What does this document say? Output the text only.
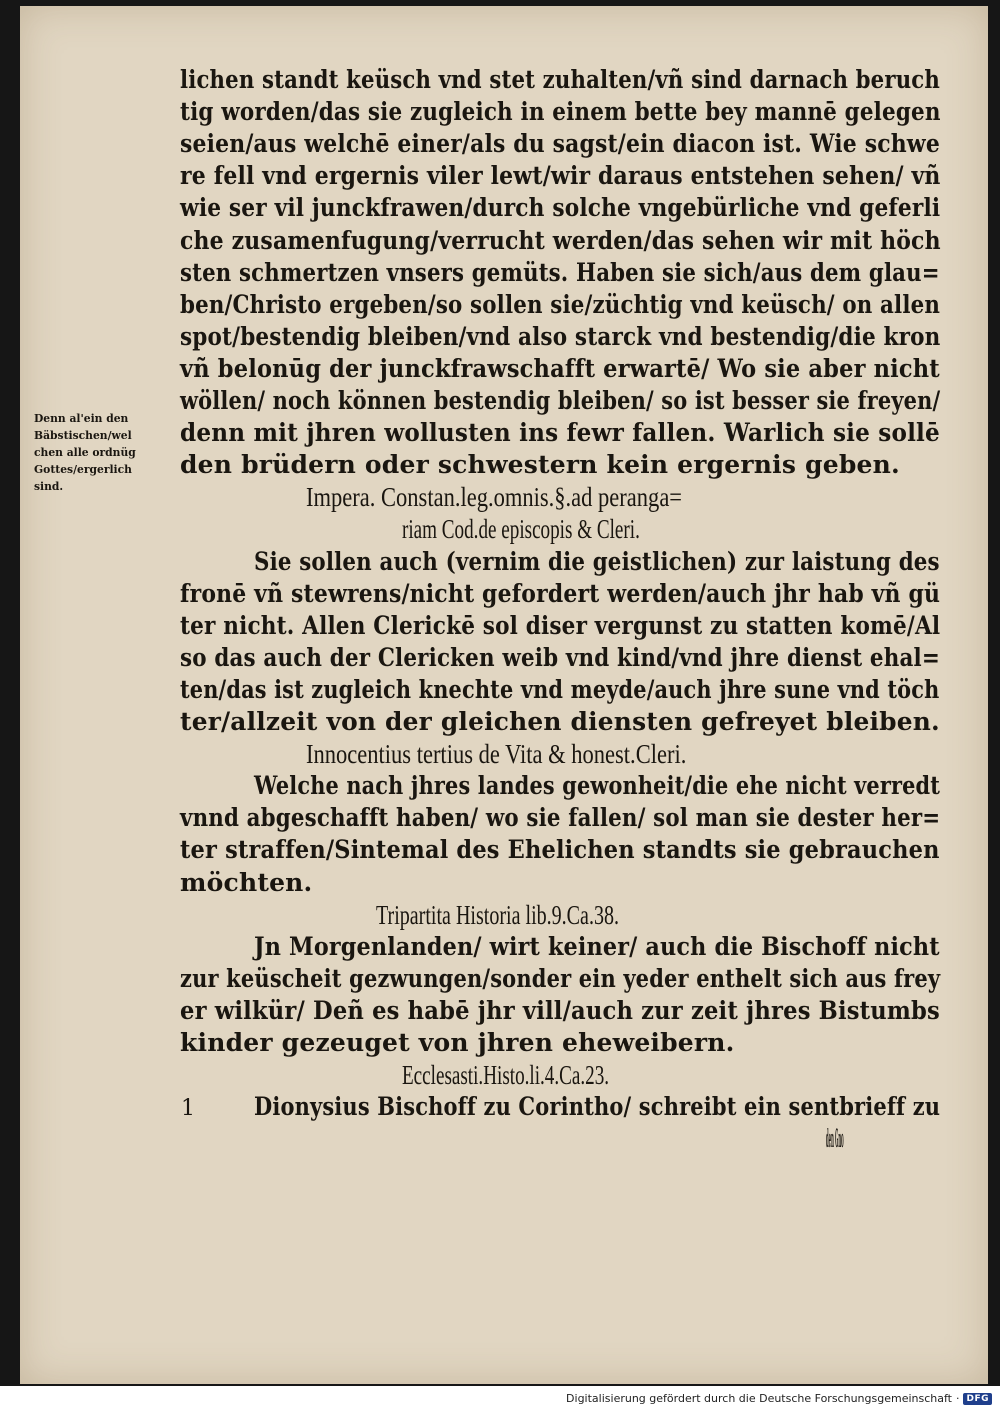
lichen standt keüsch vnd stet zuhalten/vñ sind darnach beruch
tig worden/das sie zugleich in einem bette bey mannē gelegen
seien/aus welchē einer/als du sagst/ein diacon ist. Wie schwe
re fell vnd ergernis viler lewt/wir daraus entstehen sehen/ vñ
wie ser vil junckfrawen/durch solche vngebürliche vnd geferli
che zusamenfugung/verrucht werden/das sehen wir mit höch
sten schmertzen vnsers gemüts. Haben sie sich/aus dem glau=
ben/Christo ergeben/so sollen sie/züchtig vnd keüsch/ on allen
spot/bestendig bleiben/vnd also starck vnd bestendig/die kron
vñ belonūg der junckfrawschafft erwartē/ Wo sie aber nicht
wöllen/ noch können bestendig bleiben/ so ist besser sie freyen/
denn mit jhren wollusten ins fewr fallen. Warlich sie sollē
den brüdern oder schwestern kein ergernis geben.
Impera. Constan.leg.omnis.§.ad peranga=
riam Cod.de episcopis & Cleri.
Sie sollen auch (vernim die geistlichen) zur laistung des
fronē vñ stewrens/nicht gefordert werden/auch jhr hab vñ gü
ter nicht. Allen Clerickē sol diser vergunst zu statten komē/Al
so das auch der Clericken weib vnd kind/vnd jhre dienst ehal=
ten/das ist zugleich knechte vnd meyde/auch jhre sune vnd töch
ter/allzeit von der gleichen diensten gefreyet bleiben.
Innocentius tertius de Vita & honest.Cleri.
Welche nach jhres landes gewonheit/die ehe nicht verredt
vnnd abgeschafft haben/ wo sie fallen/ sol man sie dester her=
ter straffen/Sintemal des Ehelichen standts sie gebrauchen
möchten.
Tripartita Historia lib.9.Ca.38.
Jn Morgenlanden/ wirt keiner/ auch die Bischoff nicht
zur keüscheit gezwungen/sonder ein yeder enthelt sich aus frey
er wilkür/ Deñ es habē jhr vill/auch zur zeit jhres Bistumbs
kinder gezeuget von jhren eheweibern.
Ecclesasti.Histo.li.4.Ca.23.
Dionysius Bischoff zu Corintho/ schreibt ein sentbrieff zu
den Gno
Denn al'ein den
Bäbstischen/wel
chen alle ordnüg
Gottes/ergerlich
sind.
1
Digitalisierung gefördert durch die Deutsche Forschungsgemeinschaft · DFG
